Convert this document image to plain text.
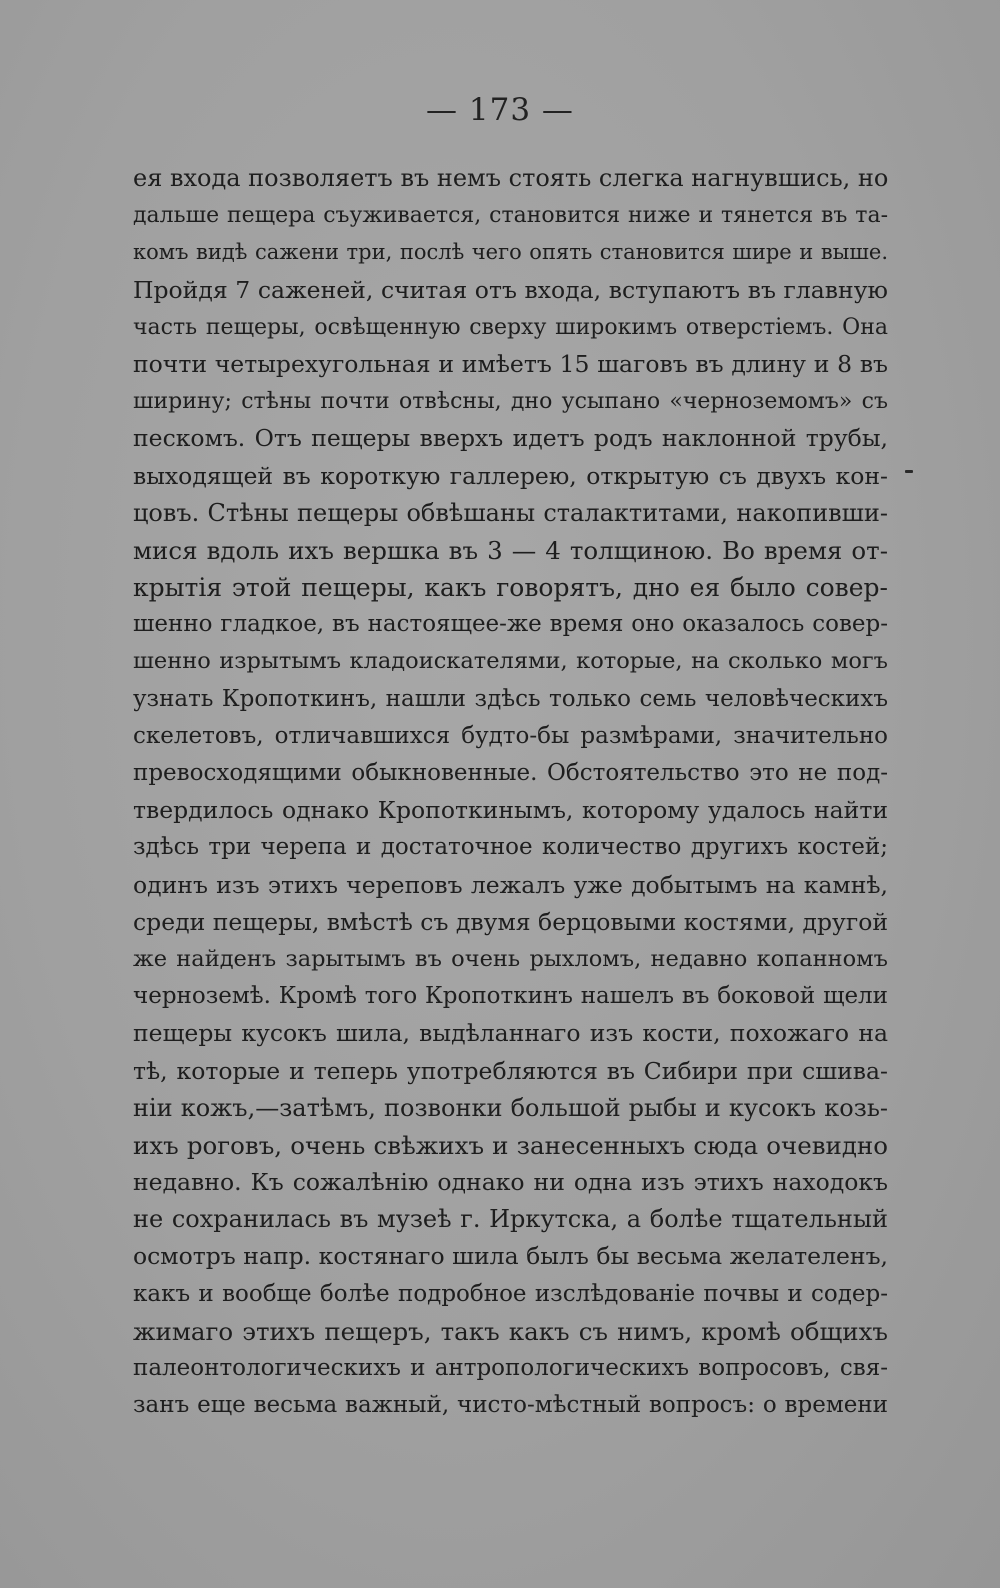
— 173 —
ея входа позволяетъ въ немъ стоять слегка нагнувшись, но
дальше пещера съуживается, становится ниже и тянется въ та-
комъ видѣ сажени три, послѣ чего опять становится шире и выше.
Пройдя 7 саженей, считая отъ входа, вступаютъ въ главную
часть пещеры, освѣщенную сверху широкимъ отверстіемъ. Она
почти четырехугольная и имѣетъ 15 шаговъ въ длину и 8 въ
ширину; стѣны почти отвѣсны, дно усыпано «черноземомъ» съ
пескомъ. Отъ пещеры вверхъ идетъ родъ наклонной трубы,
выходящей въ короткую галлерею, открытую съ двухъ кон-
цовъ. Стѣны пещеры обвѣшаны сталактитами, накопивши-
мися вдоль ихъ вершка въ 3 — 4 толщиною. Во время от-
крытія этой пещеры, какъ говорятъ, дно ея было совер-
шенно гладкое, въ настоящее-же время оно оказалось совер-
шенно изрытымъ кладоискателями, которые, на сколько могъ
узнать Кропоткинъ, нашли здѣсь только семь человѣческихъ
скелетовъ, отличавшихся будто-бы размѣрами, значительно
превосходящими обыкновенные. Обстоятельство это не под-
твердилось однако Кропоткинымъ, которому удалось найти
здѣсь три черепа и достаточное количество другихъ костей;
одинъ изъ этихъ череповъ лежалъ уже добытымъ на камнѣ,
среди пещеры, вмѣстѣ съ двумя берцовыми костями, другой
же найденъ зарытымъ въ очень рыхломъ, недавно копанномъ
черноземѣ. Кромѣ того Кропоткинъ нашелъ въ боковой щели
пещеры кусокъ шила, выдѣланнаго изъ кости, похожаго на
тѣ, которые и теперь употребляются въ Сибири при сшива-
ніи кожъ,—затѣмъ, позвонки большой рыбы и кусокъ козь-
ихъ роговъ, очень свѣжихъ и занесенныхъ сюда очевидно
недавно. Къ сожалѣнію однако ни одна изъ этихъ находокъ
не сохранилась въ музеѣ г. Иркутска, а болѣе тщательный
осмотръ напр. костянаго шила былъ бы весьма желателенъ,
какъ и вообще болѣе подробное изслѣдованіе почвы и содер-
жимаго этихъ пещеръ, такъ какъ съ нимъ, кромѣ общихъ
палеонтологическихъ и антропологическихъ вопросовъ, свя-
занъ еще весьма важный, чисто-мѣстный вопросъ: о времени
